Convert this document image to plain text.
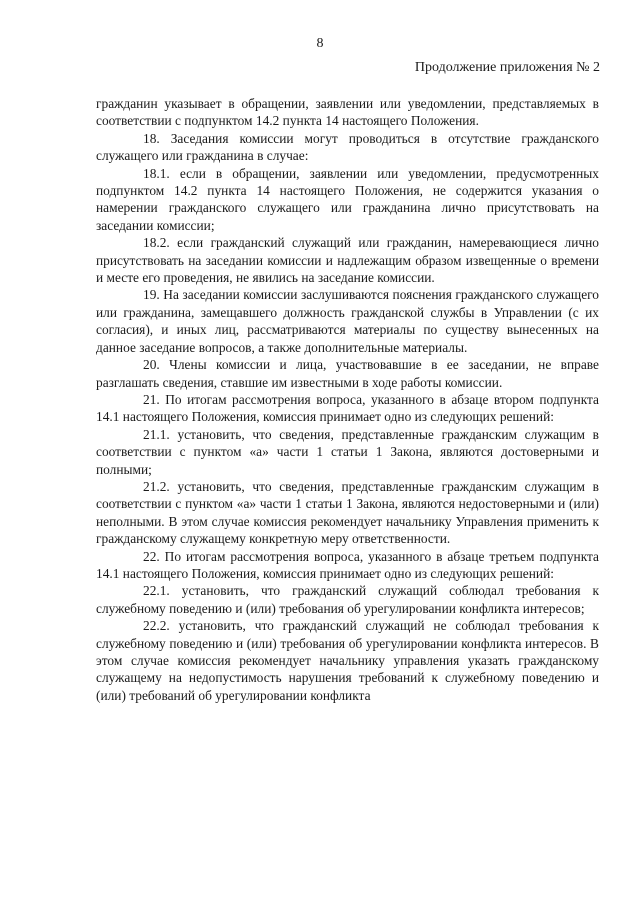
8
Продолжение приложения № 2

гражданин указывает в обращении, заявлении или уведомлении, представляемых в соответствии с подпунктом 14.2 пункта 14 настоящего Положения.

18. Заседания комиссии могут проводиться в отсутствие гражданского служащего или гражданина в случае:

18.1. если в обращении, заявлении или уведомлении, предусмотренных подпунктом 14.2 пункта 14 настоящего Положения, не содержится указания о намерении гражданского служащего или гражданина лично присутствовать на заседании комиссии;

18.2. если гражданский служащий или гражданин, намеревающиеся лично присутствовать на заседании комиссии и надлежащим образом извещенные о времени и месте его проведения, не явились на заседание комиссии.

19. На заседании комиссии заслушиваются пояснения гражданского служащего или гражданина, замещавшего должность гражданской службы в Управлении (с их согласия), и иных лиц, рассматриваются материалы по существу вынесенных на данное заседание вопросов, а также дополнительные материалы.

20. Члены комиссии и лица, участвовавшие в ее заседании, не вправе разглашать сведения, ставшие им известными в ходе работы комиссии.

21. По итогам рассмотрения вопроса, указанного в абзаце втором подпункта 14.1 настоящего Положения, комиссия принимает одно из следующих решений:

21.1. установить, что сведения, представленные гражданским служащим в соответствии с пунктом «а» части 1 статьи 1 Закона, являются достоверными и полными;

21.2. установить, что сведения, представленные гражданским служащим в соответствии с пунктом «а» части 1 статьи 1 Закона, являются недостоверными и (или) неполными. В этом случае комиссия рекомендует начальнику Управления применить к гражданскому служащему конкретную меру ответственности.

22. По итогам рассмотрения вопроса, указанного в абзаце третьем подпункта 14.1 настоящего Положения, комиссия принимает одно из следующих решений:

22.1. установить, что гражданский служащий соблюдал требования к служебному поведению и (или) требования об урегулировании конфликта интересов;

22.2. установить, что гражданский служащий не соблюдал требования к служебному поведению и (или) требования об урегулировании конфликта интересов. В этом случае комиссия рекомендует начальнику управления указать гражданскому служащему на недопустимость нарушения требований к служебному поведению и (или) требований об урегулировании конфликта
